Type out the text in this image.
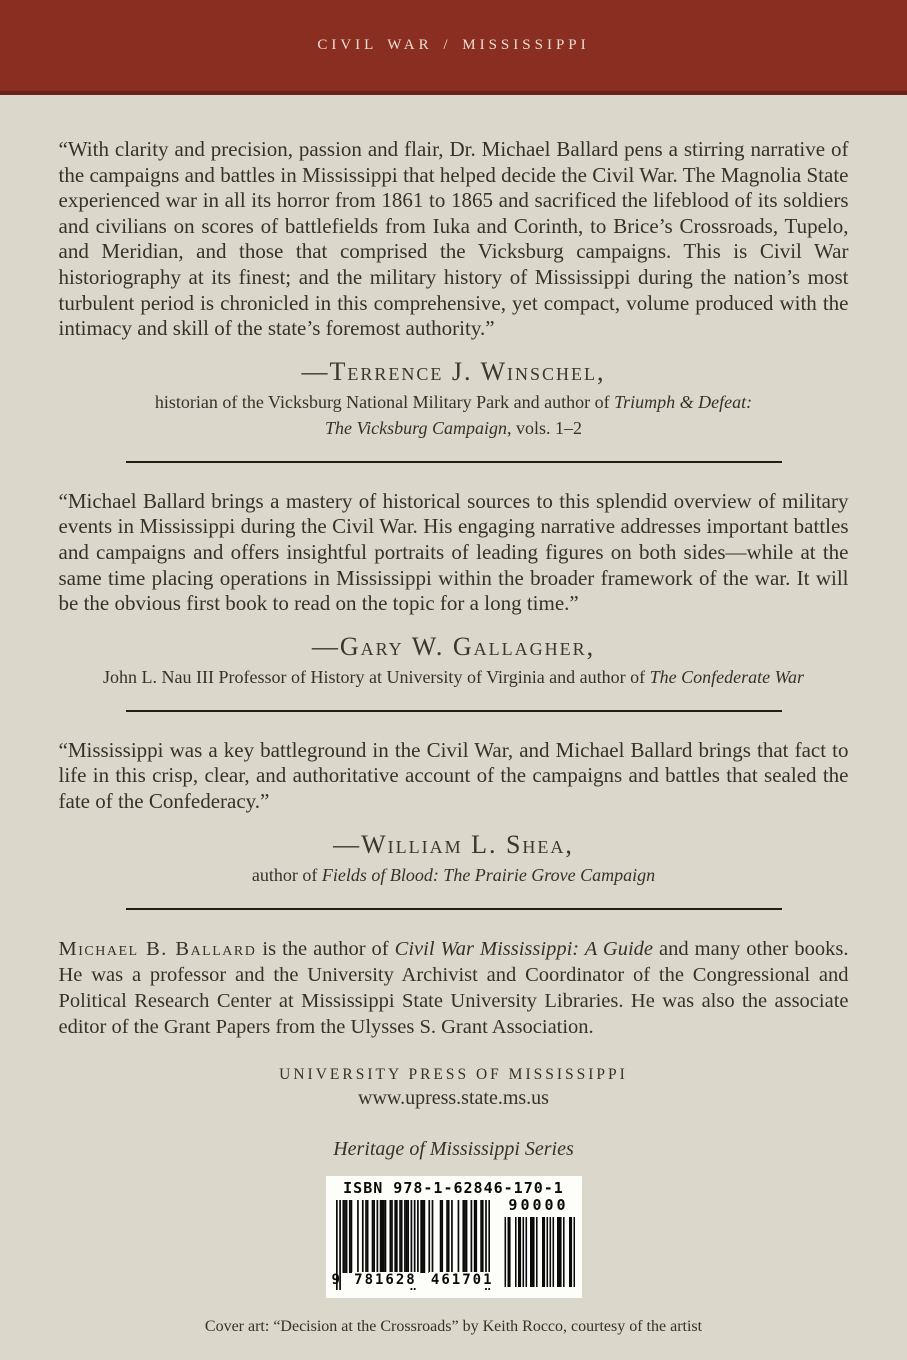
CIVIL WAR / MISSISSIPPI

“With clarity and precision, passion and flair, Dr. Michael Ballard pens a stirring narrative of the campaigns and battles in Mississippi that helped decide the Civil War. The Magnolia State experienced war in all its horror from 1861 to 1865 and sacrificed the lifeblood of its soldiers and civilians on scores of battlefields from Iuka and Corinth, to Brice’s Crossroads, Tupelo, and Meridian, and those that comprised the Vicksburg campaigns. This is Civil War historiography at its finest; and the military history of Mississippi during the nation’s most turbulent period is chronicled in this comprehensive, yet compact, volume produced with the intimacy and skill of the state’s foremost authority.”

—Terrence J. Winschel,
historian of the Vicksburg National Military Park and author of Triumph & Defeat:
The Vicksburg Campaign, vols. 1–2

“Michael Ballard brings a mastery of historical sources to this splendid overview of military events in Mississippi during the Civil War. His engaging narrative addresses important battles and campaigns and offers insightful portraits of leading figures on both sides—while at the same time placing operations in Mississippi within the broader framework of the war. It will be the obvious first book to read on the topic for a long time.”

—Gary W. Gallagher,
John L. Nau III Professor of History at University of Virginia and author of The Confederate War

“Mississippi was a key battleground in the Civil War, and Michael Ballard brings that fact to life in this crisp, clear, and authoritative account of the campaigns and battles that sealed the fate of the Confederacy.”

—William L. Shea,
author of Fields of Blood: The Prairie Grove Campaign

Michael B. Ballard is the author of Civil War Mississippi: A Guide and many other books. He was a professor and the University Archivist and Coordinator of the Congressional and Political Research Center at Mississippi State University Libraries. He was also the associate editor of the Grant Papers from the Ulysses S. Grant Association.

UNIVERSITY PRESS OF MISSISSIPPI
www.upress.state.ms.us
Heritage of Mississippi Series
ISBN 978-1-62846-170-1
90000
9 781628 461701
Cover art: “Decision at the Crossroads” by Keith Rocco, courtesy of the artist
